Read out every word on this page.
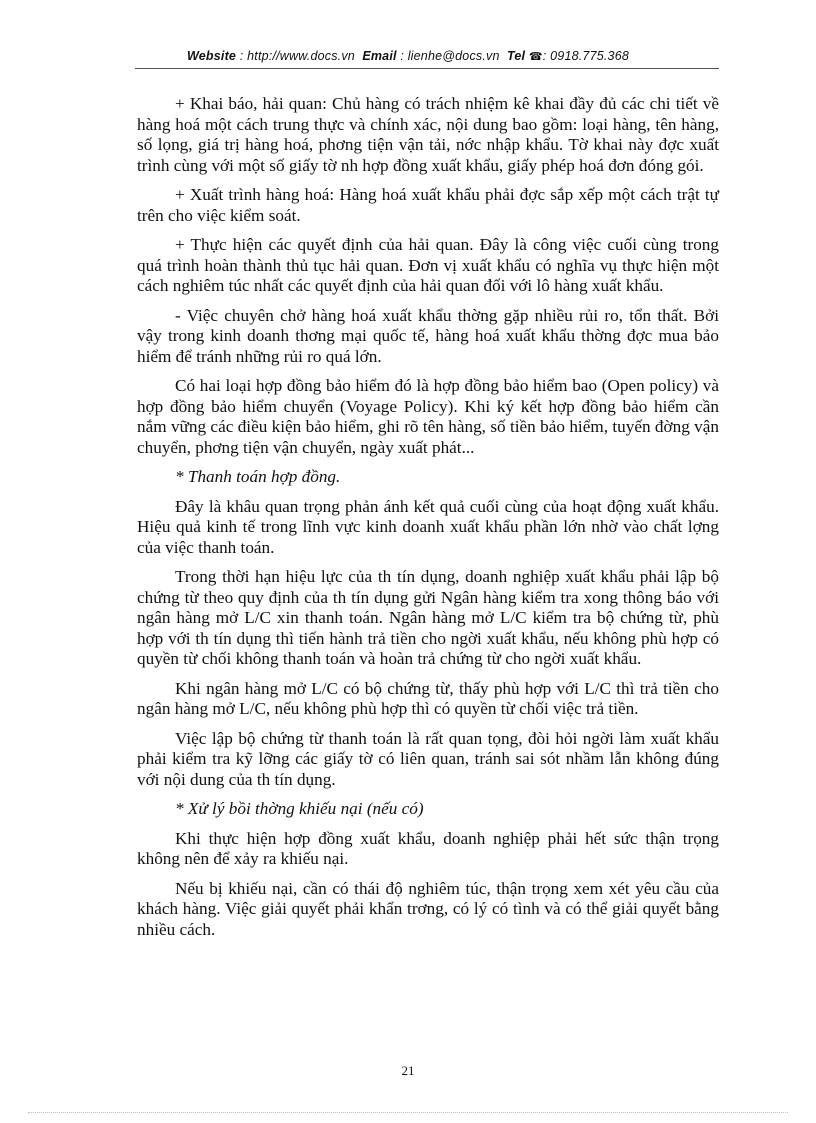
Website : http://www.docs.vn Email : lienhe@docs.vn Tel ☎: 0918.775.368

+ Khai báo, hải quan: Chủ hàng có trách nhiệm kê khai đầy đủ các chi tiết về hàng hoá một cách trung thực và chính xác, nội dung bao gồm: loại hàng, tên hàng, số lọng, giá trị hàng hoá, phơng tiện vận tải, nớc nhập khẩu. Tờ khai này đợc xuất trình cùng với một số giấy tờ nh hợp đồng xuất khẩu, giấy phép hoá đơn đóng gói.

+ Xuất trình hàng hoá: Hàng hoá xuất khẩu phải đợc sắp xếp một cách trật tự trên cho việc kiểm soát.

+ Thực hiện các quyết định của hải quan. Đây là công việc cuối cùng trong quá trình hoàn thành thủ tục hải quan. Đơn vị xuất khẩu có nghĩa vụ thực hiện một cách nghiêm túc nhất các quyết định của hải quan đối với lô hàng xuất khẩu.

- Việc chuyên chở hàng hoá xuất khẩu thờng gặp nhiều rủi ro, tổn thất. Bởi vậy trong kinh doanh thơng mại quốc tế, hàng hoá xuất khẩu thờng đợc mua bảo hiểm để tránh những rủi ro quá lớn.

Có hai loại hợp đồng bảo hiểm đó là hợp đồng bảo hiểm bao (Open policy) và hợp đồng bảo hiểm chuyển (Voyage Policy). Khi ký kết hợp đồng bảo hiểm cần nắm vững các điều kiện bảo hiểm, ghi rõ tên hàng, số tiền bảo hiểm, tuyến đờng vận chuyển, phơng tiện vận chuyển, ngày xuất phát...

* Thanh toán hợp đồng.

Đây là khâu quan trọng phản ánh kết quả cuối cùng của hoạt động xuất khẩu. Hiệu quả kinh tế trong lĩnh vực kinh doanh xuất khẩu phần lớn nhờ vào chất lợng của việc thanh toán.

Trong thời hạn hiệu lực của th tín dụng, doanh nghiệp xuất khẩu phải lập bộ chứng từ theo quy định của th tín dụng gửi Ngân hàng kiểm tra xong thông báo với ngân hàng mở L/C xin thanh toán. Ngân hàng mở L/C kiểm tra bộ chứng từ, phù hợp với th tín dụng thì tiến hành trả tiền cho ngời xuất khẩu, nếu không phù hợp có quyền từ chối không thanh toán và hoàn trả chứng từ cho ngời xuất khẩu.

Khi ngân hàng mở L/C có bộ chứng từ, thấy phù hợp với L/C thì trả tiền cho ngân hàng mở L/C, nếu không phù hợp thì có quyền từ chối việc trả tiền.

Việc lập bộ chứng từ thanh toán là rất quan tọng, đòi hỏi ngời làm xuất khẩu phải kiểm tra kỹ lỡng các giấy tờ có liên quan, tránh sai sót nhầm lẫn không đúng với nội dung của th tín dụng.

* Xử lý bồi thờng khiếu nại (nếu có)

Khi thực hiện hợp đồng xuất khẩu, doanh nghiệp phải hết sức thận trọng không nên để xảy ra khiếu nại.

Nếu bị khiếu nại, cần có thái độ nghiêm túc, thận trọng xem xét yêu cầu của khách hàng. Việc giải quyết phải khẩn trơng, có lý có tình và có thể giải quyết bằng nhiều cách.

21
